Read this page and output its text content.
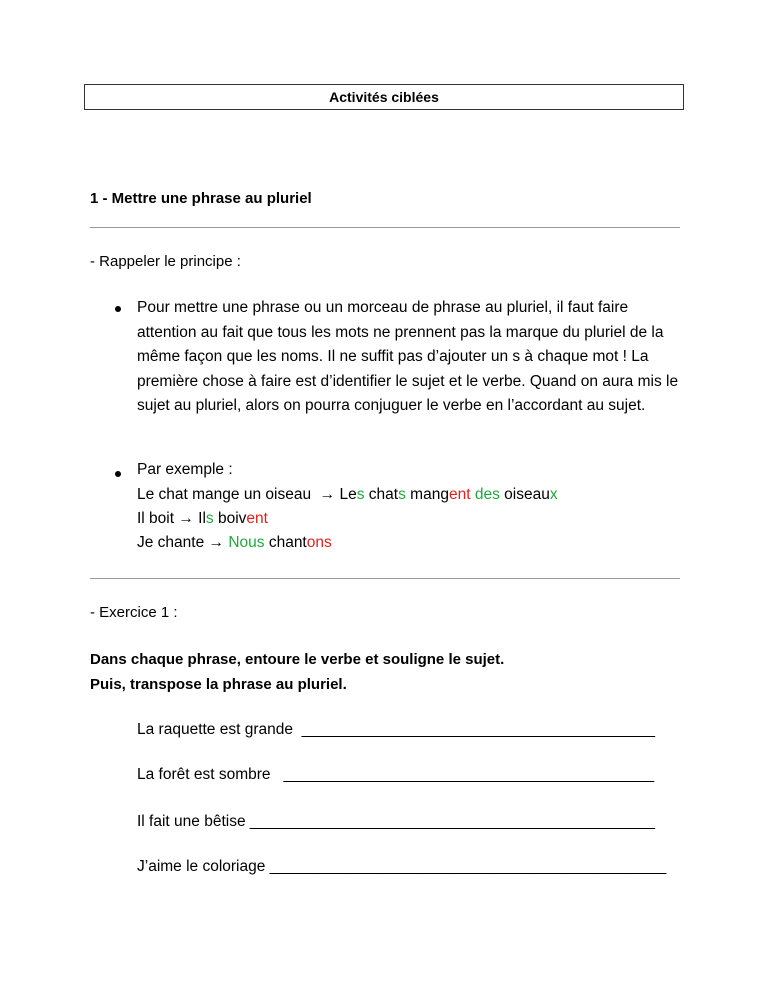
Activités ciblées
1 - Mettre une phrase au pluriel
- Rappeler le principe :
Pour mettre une phrase ou un morceau de phrase au pluriel, il faut faire attention au fait que tous les mots ne prennent pas la marque du pluriel de la même façon que les noms. Il ne suffit pas d’ajouter un s à chaque mot ! La première chose à faire est d’identifier le sujet et le verbe. Quand on aura mis le sujet au pluriel, alors on pourra conjuguer le verbe en l’accordant au sujet.
Par exemple :
Le chat mange un oiseau  → Les chats mangent des oiseaux
Il boit → Ils boivent
Je chante → Nous chantons
- Exercice 1 :
Dans chaque phrase, entoure le verbe et souligne le sujet.
Puis, transpose la phrase au pluriel.
La raquette est grande  _________________________________________
La forêt est sombre   ___________________________________________
Il fait une bêtise _______________________________________________
J’aime le coloriage ______________________________________________
